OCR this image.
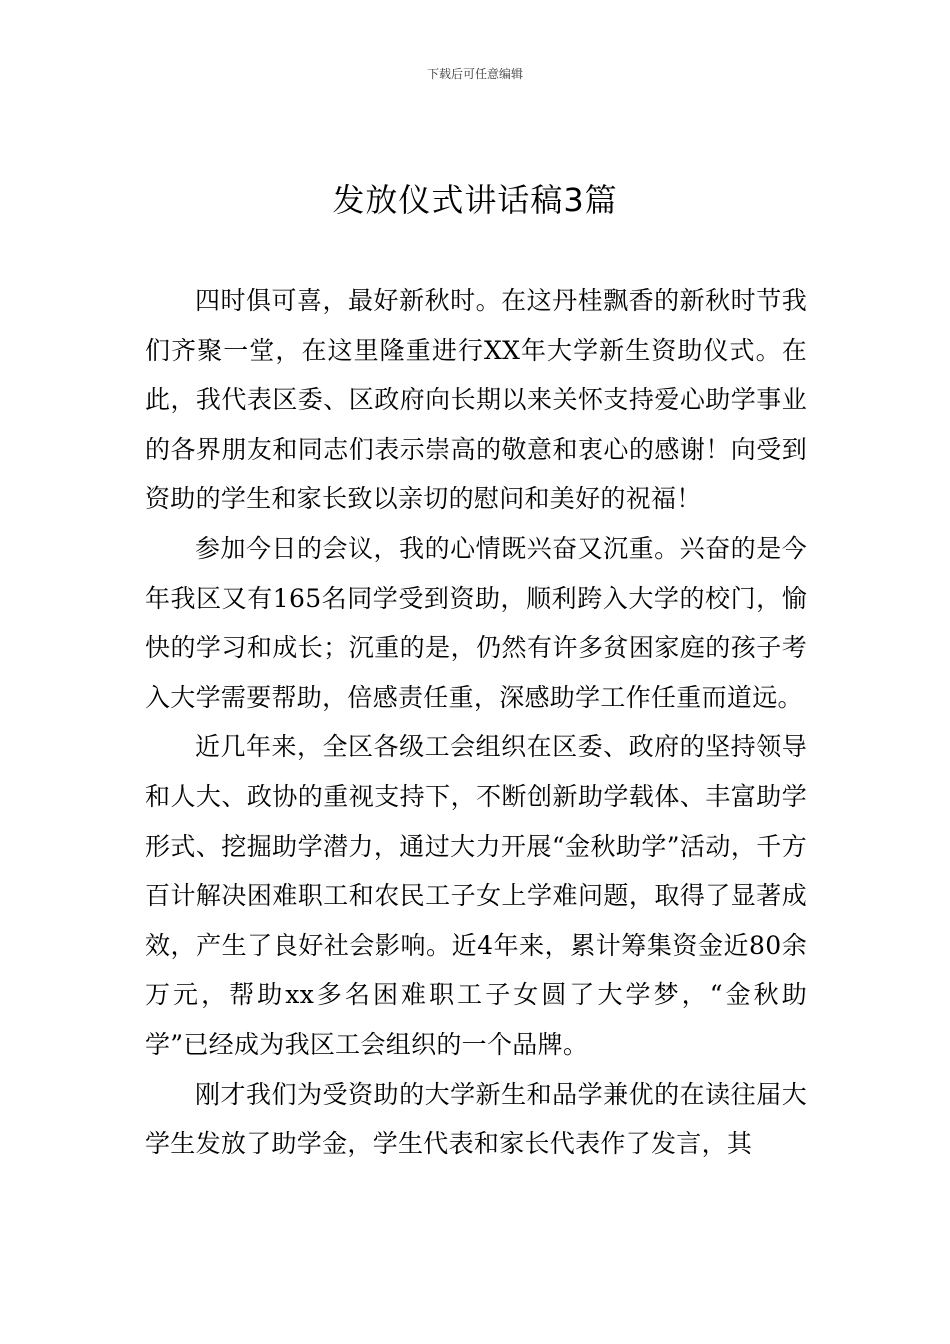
下载后可任意编辑
发放仪式讲话稿3篇

四时俱可喜，最好新秋时。在这丹桂飘香的新秋时节我们齐聚一堂，在这里隆重进行XX年大学新生资助仪式。在此，我代表区委、区政府向长期以来关怀支持爱心助学事业的各界朋友和同志们表示崇高的敬意和衷心的感谢！向受到资助的学生和家长致以亲切的慰问和美好的祝福！

参加今日的会议，我的心情既兴奋又沉重。兴奋的是今年我区又有165名同学受到资助，顺利跨入大学的校门，愉快的学习和成长；沉重的是，仍然有许多贫困家庭的孩子考入大学需要帮助，倍感责任重，深感助学工作任重而道远。

近几年来，全区各级工会组织在区委、政府的坚持领导和人大、政协的重视支持下，不断创新助学载体、丰富助学形式、挖掘助学潜力，通过大力开展“金秋助学”活动，千方百计解决困难职工和农民工子女上学难问题，取得了显著成效，产生了良好社会影响。近4年来，累计筹集资金近80余万元，帮助xx多名困难职工子女圆了大学梦，“金秋助学”已经成为我区工会组织的一个品牌。

刚才我们为受资助的大学新生和品学兼优的在读往届大学生发放了助学金，学生代表和家长代表作了发言，其
